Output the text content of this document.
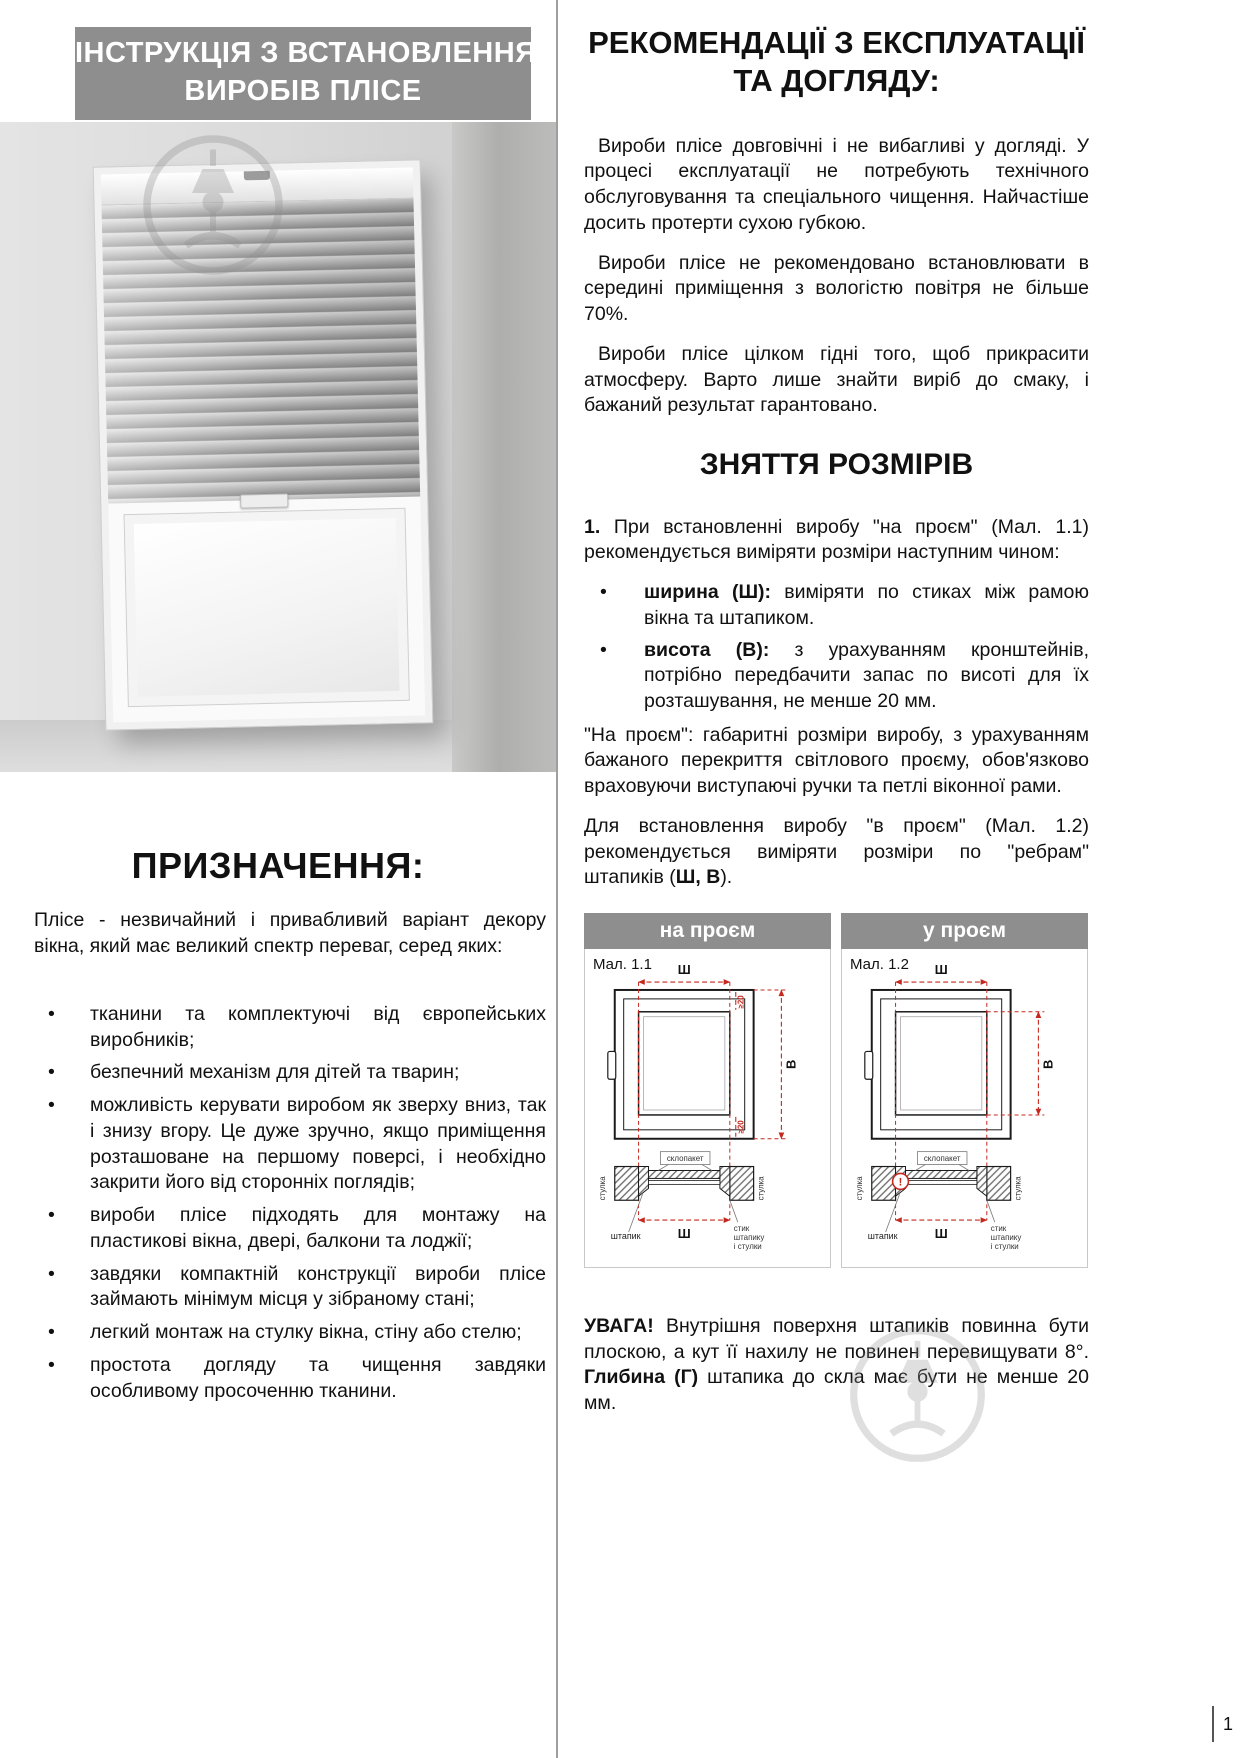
ІНСТРУКЦІЯ З ВСТАНОВЛЕННЯ
ВИРОБІВ ПЛІСЕ
ПРИЗНАЧЕННЯ:

Плісе - незвичайний і привабливий варіант декору вікна, який має великий спектр переваг, серед яких:

•	тканини та комплектуючі від європейських виробників;
•	безпечний механізм для дітей та тварин;
•	можливість керувати виробом як зверху вниз, так і знизу вгору. Це дуже зручно, якщо приміщення розташоване на першому поверсі, і необхідно закрити його від сторонніх поглядів;
•	вироби плісе підходять для монтажу на пластикові вікна, двері, балкони та лоджії;
•	завдяки компактній конструкції вироби плісе займають мінімум місця у зібраному стані;
•	легкий монтаж на стулку вікна, стіну або стелю;
•	простота догляду та чищення завдяки особливому просоченню тканини.
РЕКОМЕНДАЦІЇ З ЕКСПЛУАТАЦІЇ
ТА ДОГЛЯДУ:

Вироби плісе довговічні і не вибагливі у догляді. У процесі експлуатації не потребують технічного обслуговування та спеціального чищення. Найчастіше досить протерти сухою губкою.

Вироби плісе не рекомендовано встановлювати в середині приміщення з вологістю повітря не більше 70%.

Вироби плісе цілком гідні того, щоб прикрасити атмосферу. Варто лише знайти виріб до смаку, і бажаний результат гарантовано.

ЗНЯТТЯ РОЗМІРІВ

1. При встановленні виробу "на проєм" (Мал. 1.1) рекомендується виміряти розміри наступним чином:

•	ширина (Ш): виміряти по стиках між рамою вікна та штапиком.
•	висота (В): з урахуванням кронштейнів, потрібно передбачити запас по висоті для їх розташування, не менше 20 мм.

"На проєм": габаритні розміри виробу, з урахуванням бажаного перекриття світлового проєму, обов'язково враховуючи виступаючі ручки та петлі віконної рами.

Для встановлення виробу "в проєм" (Мал. 1.2) рекомендується виміряти розміри по "ребрам" штапиків (Ш, В).

на проєм
Мал. 1.1 Ш
В
≥20
≥20
склопакет
стулка	стулка
штапик	Ш	стик
штапику
і стулки
у проєм
Мал. 1.2 Ш
В
склопакет
!
стулка	стулка
штапик	Ш	стик
штапику
і стулки

УВАГА! Внутрішня поверхня штапиків повинна бути плоскою, а кут її нахилу не повинен перевищувати 8°. Глибина (Г) штапика до скла має бути не менше 20 мм.

1
